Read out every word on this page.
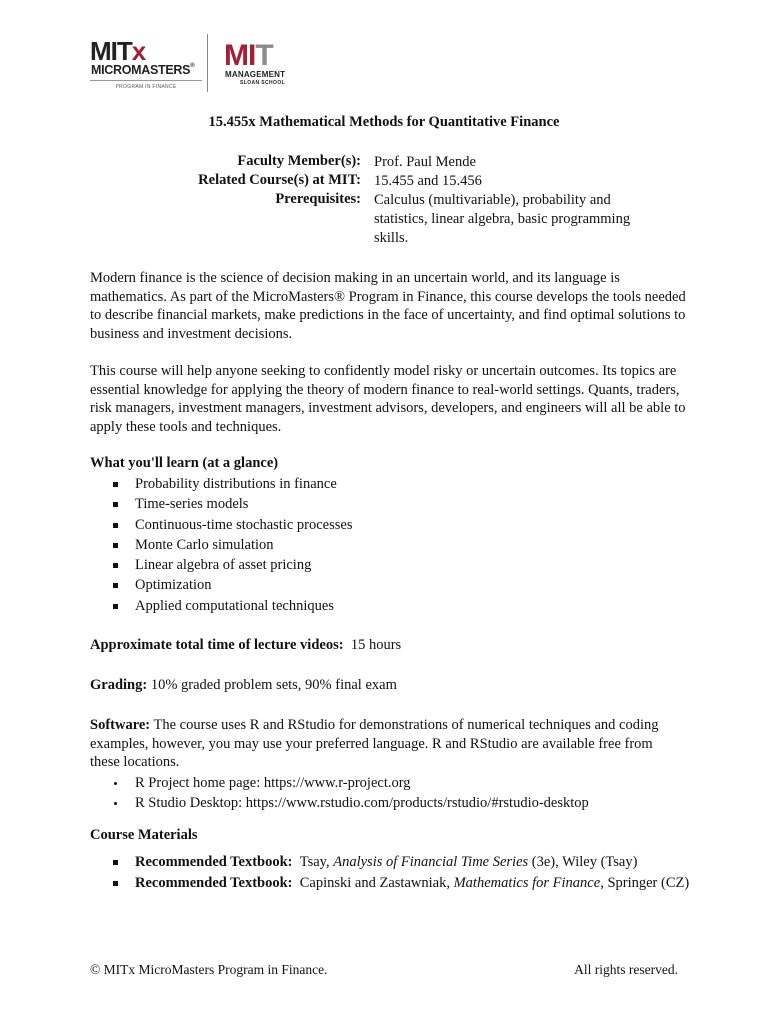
MITx
MICROMASTERS®
PROGRAM IN FINANCE
MIT
MANAGEMENT
SLOAN SCHOOL
15.455x Mathematical Methods for Quantitative Finance
Faculty Member(s): Prof. Paul Mende
Related Course(s) at MIT: 15.455 and 15.456
Prerequisites: Calculus (multivariable), probability and statistics, linear algebra, basic programming skills.
Modern finance is the science of decision making in an uncertain world, and its language is mathematics. As part of the MicroMasters® Program in Finance, this course develops the tools needed to describe financial markets, make predictions in the face of uncertainty, and find optimal solutions to business and investment decisions.
This course will help anyone seeking to confidently model risky or uncertain outcomes. Its topics are essential knowledge for applying the theory of modern finance to real-world settings. Quants, traders, risk managers, investment managers, investment advisors, developers, and engineers will all be able to apply these tools and techniques.
What you'll learn (at a glance)
Probability distributions in finance
Time-series models
Continuous-time stochastic processes
Monte Carlo simulation
Linear algebra of asset pricing
Optimization
Applied computational techniques
Approximate total time of lecture videos: 15 hours
Grading: 10% graded problem sets, 90% final exam
Software: The course uses R and RStudio for demonstrations of numerical techniques and coding examples, however, you may use your preferred language. R and RStudio are available free from these locations.
R Project home page: https://www.r-project.org
R Studio Desktop: https://www.rstudio.com/products/rstudio/#rstudio-desktop
Course Materials
Recommended Textbook: Tsay, Analysis of Financial Time Series (3e), Wiley (Tsay)
Recommended Textbook: Capinski and Zastawniak, Mathematics for Finance, Springer (CZ)
© MITx MicroMasters Program in Finance.	All rights reserved.
